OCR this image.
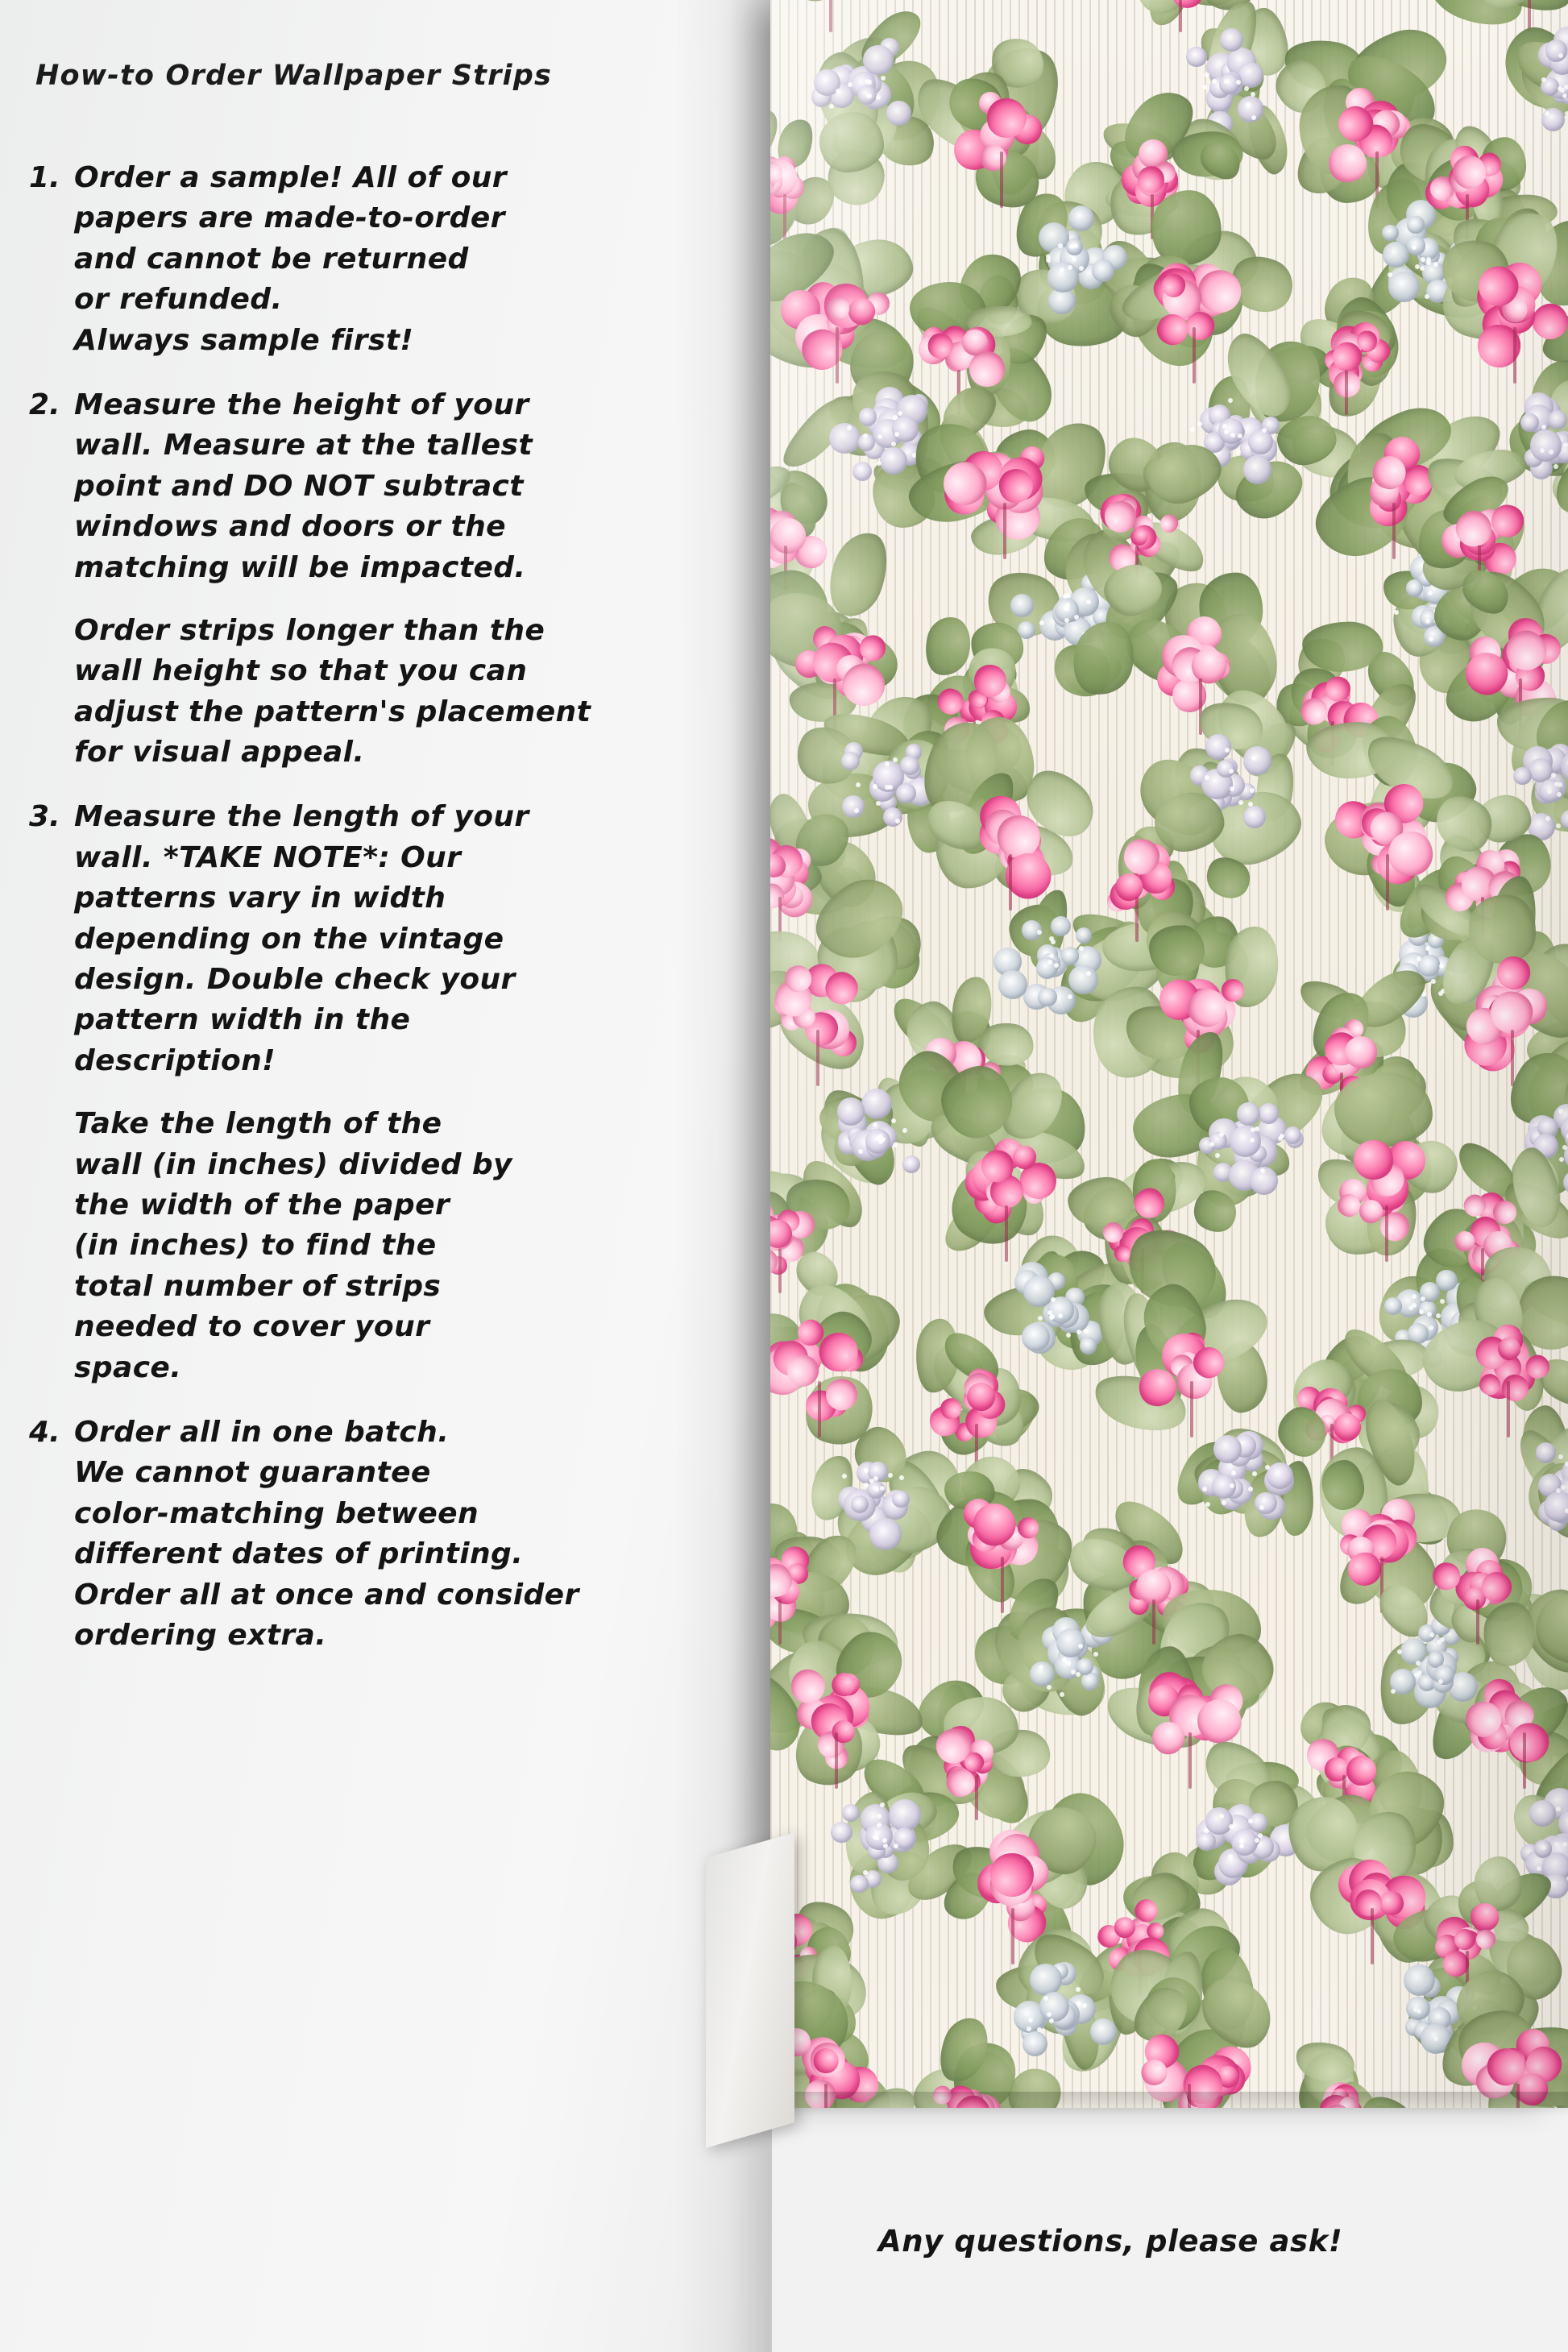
How-to Order Wallpaper Strips
1. Order a sample! All of our
papers are made-to-order
and cannot be returned
or refunded.
Always sample first!
2. Measure the height of your
wall. Measure at the tallest
point and DO NOT subtract
windows and doors or the
matching will be impacted.
Order strips longer than the
wall height so that you can
adjust the pattern's placement
for visual appeal.
3. Measure the length of your
wall. *TAKE NOTE*: Our
patterns vary in width
depending on the vintage
design. Double check your
pattern width in the
description!
Take the length of the
wall (in inches) divided by
the width of the paper
(in inches) to find the
total number of strips
needed to cover your
space.
4. Order all in one batch.
We cannot guarantee
color-matching between
different dates of printing.
Order all at once and consider
ordering extra.
Any questions, please ask!
